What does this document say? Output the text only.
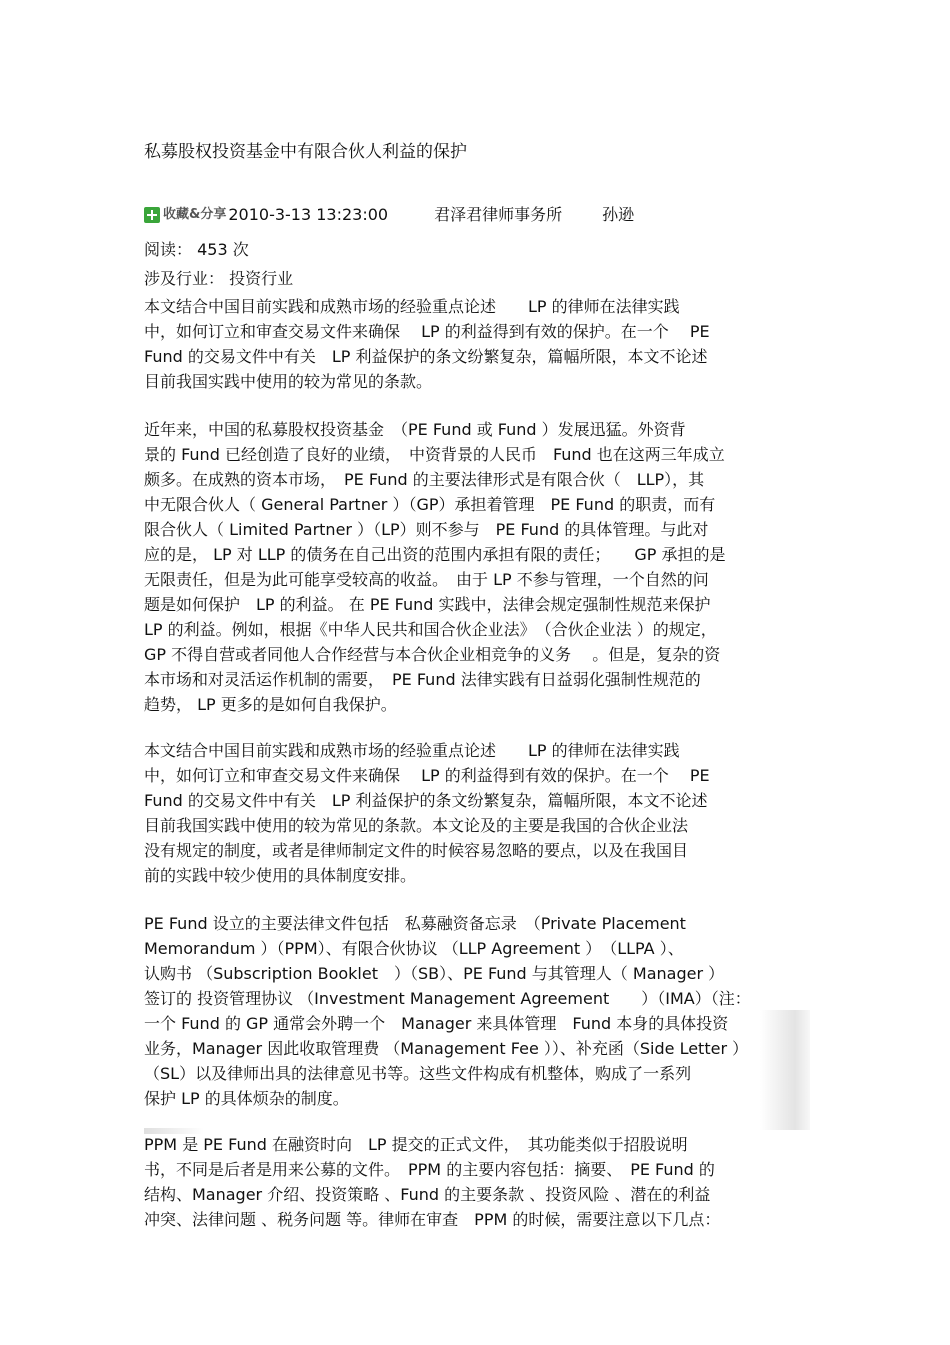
私募股权投资基金中有限合伙人利益的保护
收藏&分享 2010-3-13 13:23:00	君泽君律师事务所	孙逊
阅读： 453 次
涉及行业： 投资行业
本文结合中国目前实践和成熟市场的经验重点论述　　LP 的律师在法律实践
中，如何订立和审查交易文件来确保　 LP 的利益得到有效的保护。在一个　 PE
Fund 的交易文件中有关　LP 利益保护的条文纷繁复杂，篇幅所限，本文不论述
目前我国实践中使用的较为常见的条款。
近年来，中国的私募股权投资基金　（PE Fund 或 Fund ）发展迅猛。外资背
景的 Fund 已经创造了良好的业绩，　中资背景的人民币　Fund 也在这两三年成立
颇多。在成熟的资本市场，　PE Fund 的主要法律形式是有限合伙（　LLP），其
中无限合伙人（ General Partner ）（GP）承担着管理　PE Fund 的职责，而有
限合伙人（ Limited Partner ）（LP）则不参与　PE Fund 的具体管理。与此对
应的是， LP 对 LLP 的债务在自己出资的范围内承担有限的责任；　　GP 承担的是
无限责任，但是为此可能享受较高的收益。　由于 LP 不参与管理，一个自然的问
题是如何保护　LP 的利益。 在 PE Fund 实践中，法律会规定强制性规范来保护
LP 的利益。例如，根据《中华人民共和国合伙企业法》　（合伙企业法 ）的规定，
GP 不得自营或者同他人合作经营与本合伙企业相竞争的义务　 。但是，复杂的资
本市场和对灵活运作机制的需要，　PE Fund 法律实践有日益弱化强制性规范的
趋势， LP 更多的是如何自我保护。
本文结合中国目前实践和成熟市场的经验重点论述　　LP 的律师在法律实践
中，如何订立和审查交易文件来确保　 LP 的利益得到有效的保护。在一个　 PE
Fund 的交易文件中有关　LP 利益保护的条文纷繁复杂，篇幅所限，本文不论述
目前我国实践中使用的较为常见的条款。本文论及的主要是我国的合伙企业法
没有规定的制度，或者是律师制定文件的时候容易忽略的要点，以及在我国目
前的实践中较少使用的具体制度安排。
PE Fund 设立的主要法律文件包括　私募融资备忘录　（Private Placement
Memorandum ）（PPM）、有限合伙协议 （LLP Agreement ）　（LLPA ）、
认购书 （Subscription Booklet　）（SB）、PE Fund 与其管理人（ Manager ）
签订的 投资管理协议 （Investment Management Agreement　　）（IMA）（注：
一个 Fund 的 GP 通常会外聘一个　Manager 来具体管理　Fund 本身的具体投资
业务，Manager 因此收取管理费 （Management Fee ））、补充函（Side Letter ）
（SL）以及律师出具的法律意见书等。这些文件构成有机整体，购成了一系列
保护 LP 的具体烦杂的制度。
PPM 是 PE Fund 在融资时向　LP 提交的正式文件，　其功能类似于招股说明
书，不同是后者是用来公募的文件。　PPM 的主要内容包括：摘要、　PE Fund 的
结构、Manager 介绍、投资策略 、Fund 的主要条款 、投资风险 、潜在的利益
冲突、法律问题 、税务问题 等。律师在审查　PPM 的时候，需要注意以下几点：
